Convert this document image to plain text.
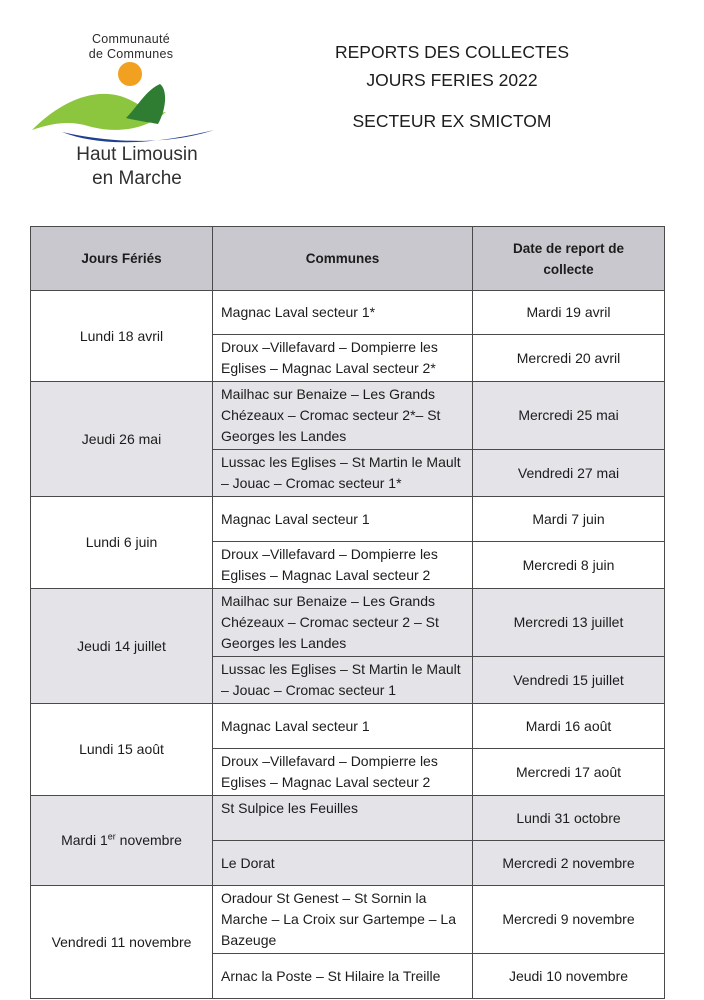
Communauté
de Communes
Haut Limousin
en Marche
REPORTS DES COLLECTES
JOURS FERIES 2022
SECTEUR EX SMICTOM
Jours Fériés	Communes	Date de report de
collecte
Lundi 18 avril	Magnac Laval secteur 1*	Mardi 19 avril
	Droux –Villefavard – Dompierre les Eglises – Magnac Laval secteur 2*	Mercredi 20 avril
Jeudi 26 mai	Mailhac sur Benaize – Les Grands Chézeaux – Cromac secteur 2*– St Georges les Landes	Mercredi 25 mai
	Lussac les Eglises – St Martin le Mault – Jouac – Cromac secteur 1*	Vendredi 27 mai
Lundi 6 juin	Magnac Laval secteur 1	Mardi 7 juin
	Droux –Villefavard – Dompierre les Eglises – Magnac Laval secteur 2	Mercredi 8 juin
Jeudi 14 juillet	Mailhac sur Benaize – Les Grands Chézeaux – Cromac secteur 2 – St Georges les Landes	Mercredi 13 juillet
	Lussac les Eglises – St Martin le Mault – Jouac – Cromac secteur 1	Vendredi 15 juillet
Lundi 15 août	Magnac Laval secteur 1	Mardi 16 août
	Droux –Villefavard – Dompierre les Eglises – Magnac Laval secteur 2	Mercredi 17 août
Mardi 1er novembre	St Sulpice les Feuilles	Lundi 31 octobre
	Le Dorat	Mercredi 2 novembre
Vendredi 11 novembre	Oradour St Genest – St Sornin la Marche – La Croix sur Gartempe – La Bazeuge	Mercredi 9 novembre
	Arnac la Poste – St Hilaire la Treille	Jeudi 10 novembre
